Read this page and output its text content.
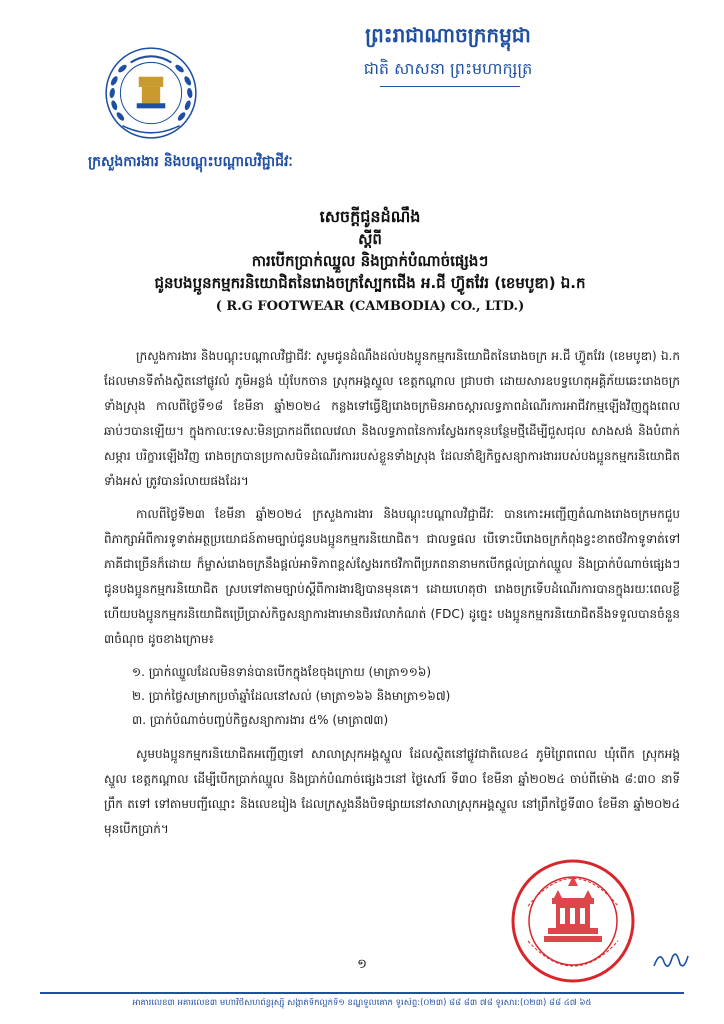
ព្រះរាជាណាចក្រកម្ពុជា
ជាតិ សាសនា ព្រះមហាក្សត្រ
ក្រសួងការងារ និងបណ្តុះបណ្តាលវិជ្ជាជីវៈ
សេចក្តីជូនដំណឹង
ស្តីពី
ការបើកប្រាក់ឈ្នួល និងប្រាក់បំណាច់ផ្សេងៗ
ជូនបងប្អូនកម្មករនិយោជិតនៃរោងចក្រស្បែកជើង អ.ជី ហ៊្វូតវែរ (ខេមបូឌា) ឯ.ក
( R.G FOOTWEAR (CAMBODIA) CO., LTD.)

ក្រសួងការងារ និងបណ្តុះបណ្តាលវិជ្ជាជីវៈ សូមជូនដំណឹងដល់បងប្អូនកម្មករនិយោជិតនៃរោងចក្រ អ.ជី ហ៊្វូតវែរ (ខេមបូឌា) ឯ.ក ដែលមានទីតាំងស្ថិតនៅផ្លូវលំ ភូមិអន្លង់ ឃុំបែកចាន ស្រុកអង្គស្នួល ខេត្តកណ្តាល ជ្រាបថា ដោយសារឧបទ្វហេតុអគ្គិភ័យឆេះរោងចក្រទាំងស្រុង កាលពីថ្ងៃទី១៨ ខែមីនា ឆ្នាំ២០២៤ កន្លងទៅធ្វើឱ្យរោងចក្រមិនអាចស្តារលទ្ធភាពដំណើរការអាជីវកម្មឡើងវិញក្នុងពេលឆាប់ៗបានឡើយ។ ក្នុងកាលៈទេសៈមិនប្រាកដពីពេលវេលា និងលទ្ធភាពនៃការស្វែងរកទុនបន្ថែមថ្មីដើម្បីជួសជុល សាងសង់ និងបំពាក់សម្ភារ បរិក្ខារឡើងវិញ រោងចក្របានប្រកាសបិទដំណើរការរបស់ខ្លួនទាំងស្រុង ដែលនាំឱ្យកិច្ចសន្យាការងាររបស់បងប្អូនកម្មករនិយោជិតទាំងអស់ ត្រូវបានរំលាយផងដែរ។

កាលពីថ្ងៃទី២៣ ខែមីនា ឆ្នាំ២០២៤ ក្រសួងការងារ និងបណ្តុះបណ្តាលវិជ្ជាជីវៈ បានកោះអញ្ជើញតំណាងរោងចក្រមកជួបពិភាក្សាអំពីការទូទាត់អត្ថប្រយោជន៍តាមច្បាប់ជូនបងប្អូនកម្មករនិយោជិត។ ជាលទ្ធផល បើទោះបីរោងចក្រកំពុងខ្វះខាតថវិកាទូទាត់ទៅភាគីជាច្រើនក៏ដោយ ក៏ម្ចាស់រោងចក្រនឹងផ្តល់អាទិភាពខ្ពស់ស្វែងរកថវិកាពីប្រភពនានាមកបើកផ្តល់ប្រាក់ឈ្នួល និងប្រាក់បំណាច់ផ្សេងៗ ជូនបងប្អូនកម្មករនិយោជិត ស្របទៅតាមច្បាប់ស្តីពីការងារឱ្យបានមុនគេ។ ដោយហេតុថា រោងចក្រទើបដំណើរការបានក្នុងរយៈពេលខ្លី ហើយបងប្អូនកម្មករនិយោជិតប្រើប្រាស់កិច្ចសន្យាការងារមានថិរវេលាកំណត់ (FDC) ដូច្នេះ បងប្អូនកម្មករនិយោជិតនឹងទទួលបានចំនួន ៣ចំណុច ដូចខាងក្រោម៖

១. ប្រាក់ឈ្នួលដែលមិនទាន់បានបើកក្នុងខែចុងក្រោយ (មាត្រា១១៦)
២. ប្រាក់ថ្លៃសម្រាកប្រចាំឆ្នាំដែលនៅសល់ (មាត្រា១៦៦ និងមាត្រា១៦៧)
៣. ប្រាក់បំណាច់បញ្ចប់កិច្ចសន្យាការងារ ៥% (មាត្រា៧៣)

សូមបងប្អូនកម្មករនិយោជិតអញ្ជើញទៅ សាលាស្រុកអង្គស្នួល ដែលស្ថិតនៅផ្លូវជាតិលេខ៤ ភូមិព្រៃពពេល ឃុំពើក ស្រុកអង្គស្នួល ខេត្តកណ្តាល ដើម្បីបើកប្រាក់ឈ្នួល និងប្រាក់បំណាច់ផ្សេងៗនៅ ថ្ងៃសៅរ៍ ទី៣០ ខែមីនា ឆ្នាំ២០២៤ ចាប់ពីម៉ោង ៨:៣០ នាទីព្រឹក តទៅ ទៅតាមបញ្ជីឈ្មោះ និងលេខរៀង ដែលក្រសួងនឹងបិទផ្សាយនៅសាលាស្រុកអង្គស្នួល នៅព្រឹកថ្ងៃទី៣០ ខែមីនា ឆ្នាំ២០២៤ មុនបើកប្រាក់។

១
អាគារលេខ៣ អគារលេខ៣ មហាវិថីសហព័ន្ធរុស្ស៊ី សង្កាត់ទឹកល្អក់ទី១ ខណ្ឌទួលគោក ទូរស័ព្ទ:(០២៣) ៨៨ ៨៣ ៧៨ ទូរសារ:(០២៣) ៨៨ ៤៧ ៦៥
